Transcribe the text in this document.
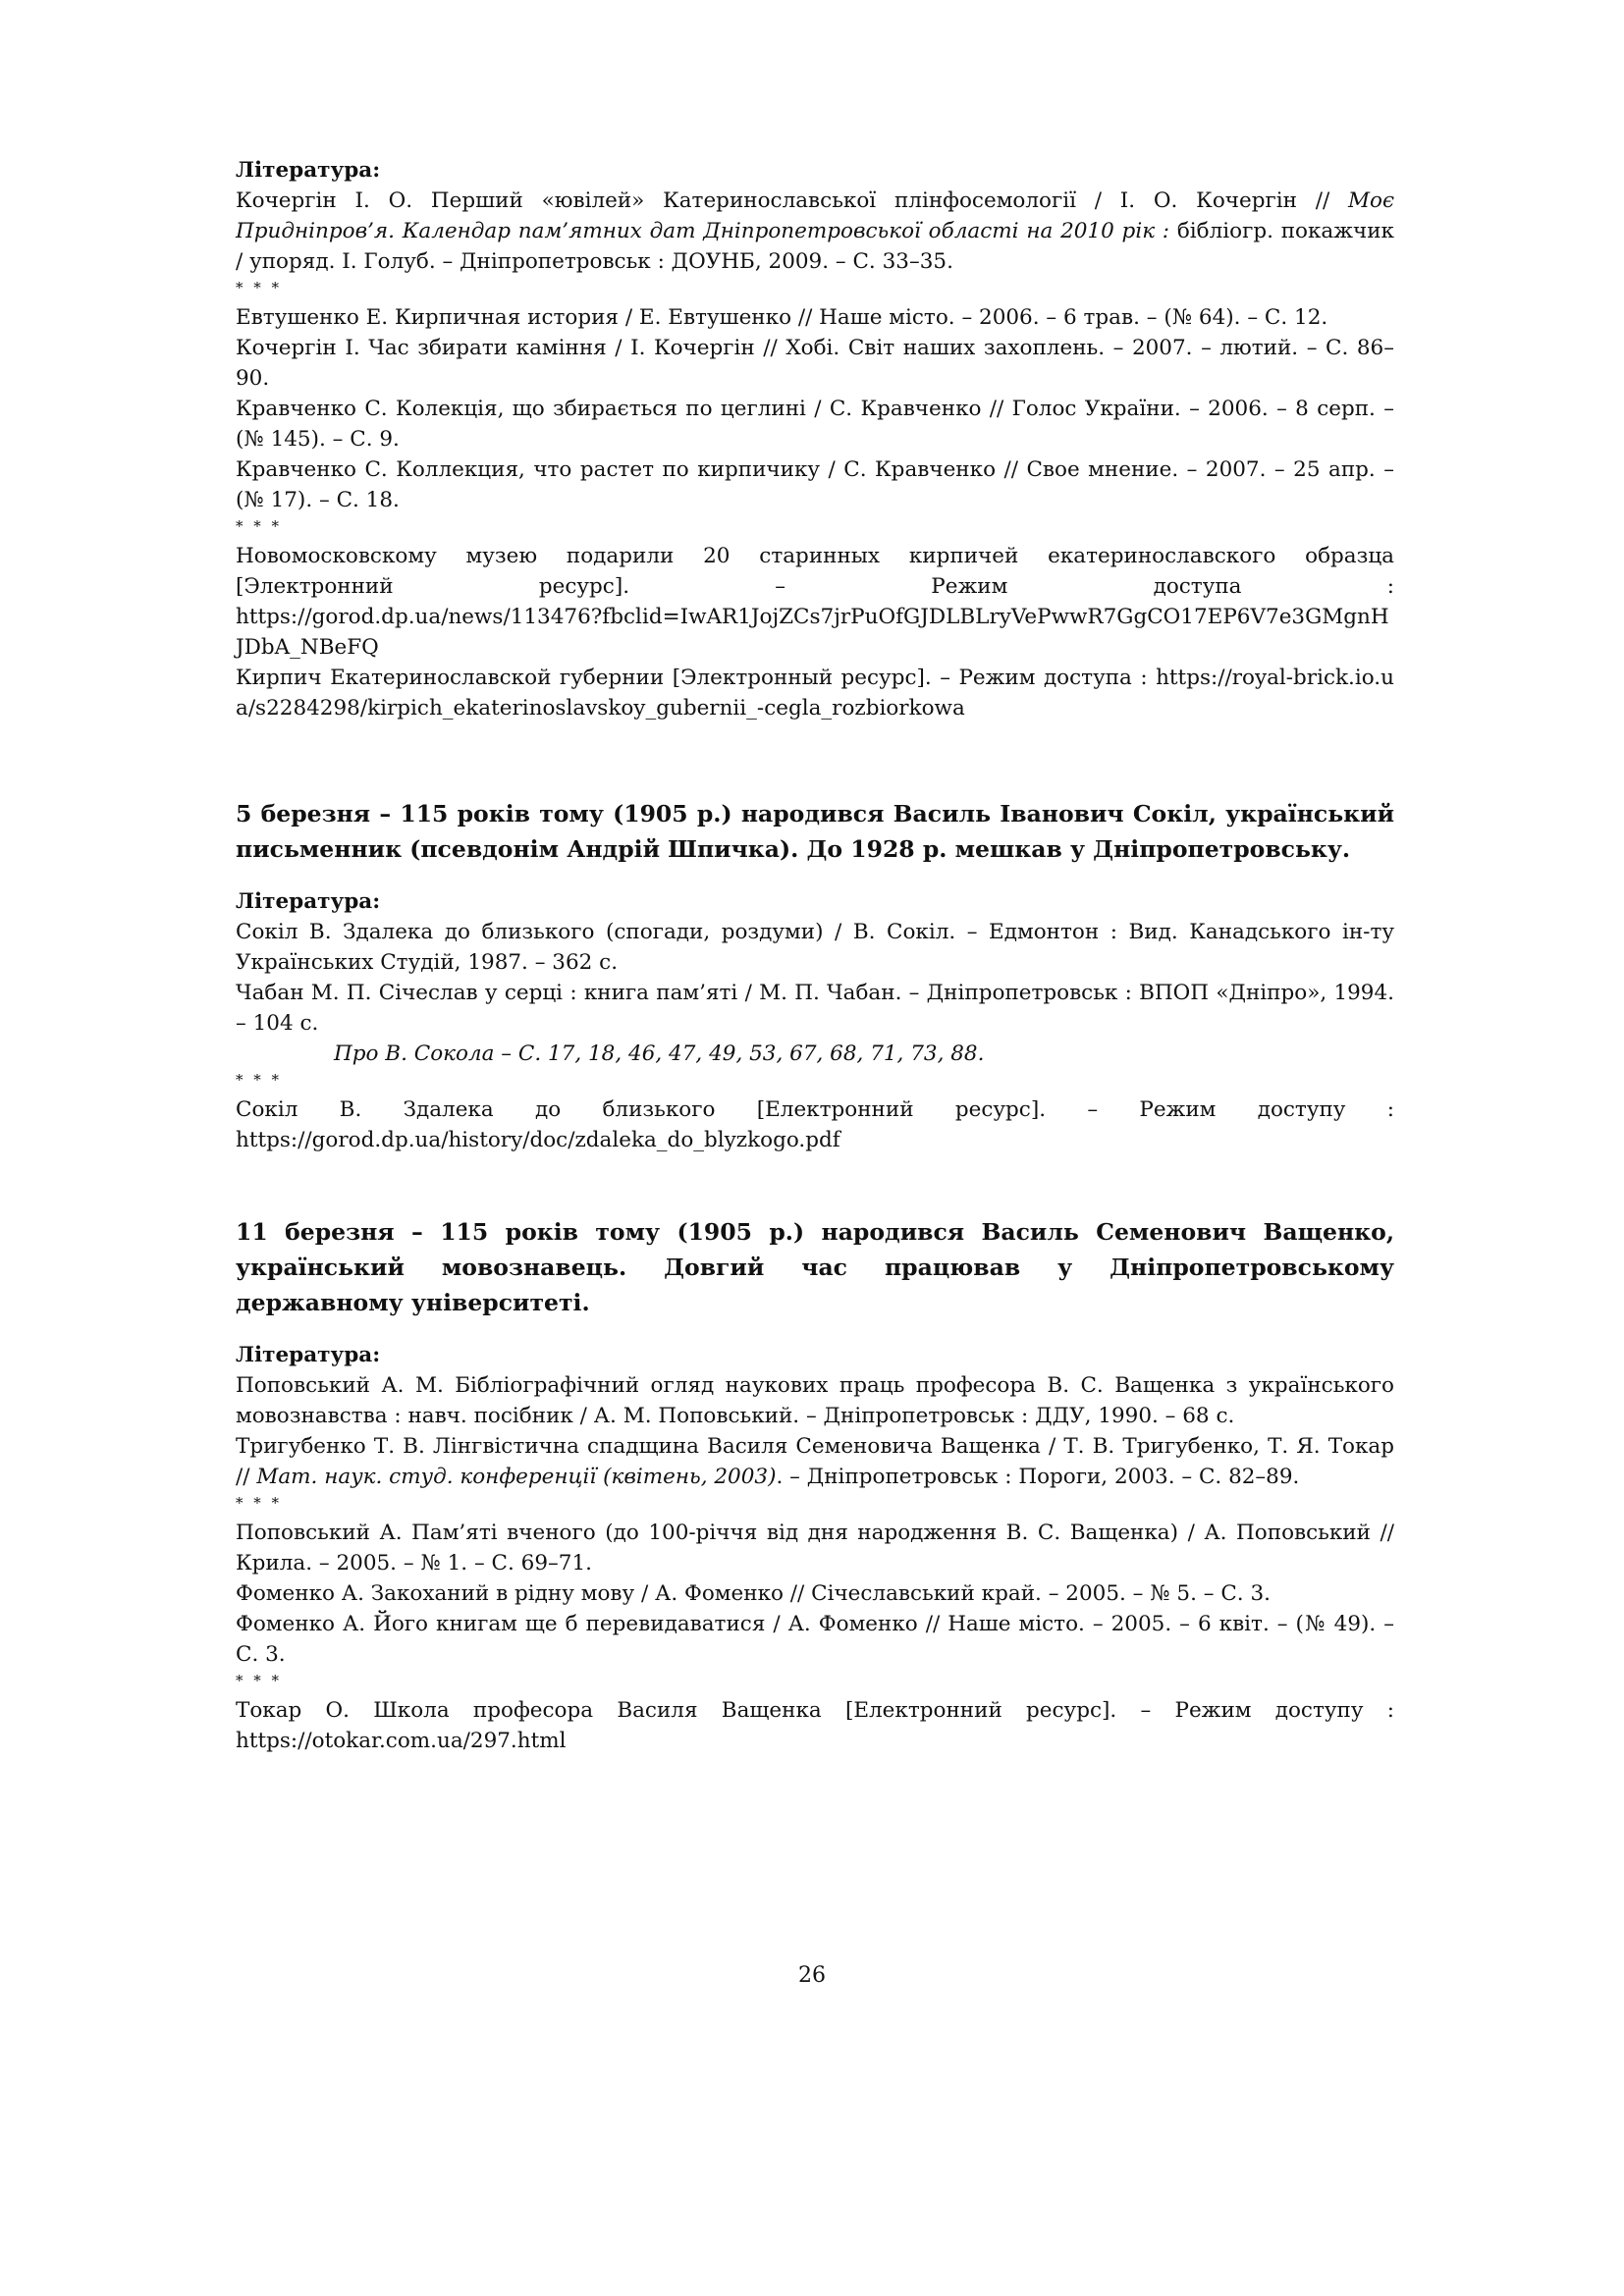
Література:

Кочергін І. О. Перший «ювілей» Катеринославської плінфосемології / І. О. Кочергін // Моє Придніпров’я. Календар пам’ятних дат Дніпропетровської області на 2010 рік : бібліогр. покажчик / упоряд. І. Голуб. – Дніпропетровськ : ДОУНБ, 2009. – С. 33–35.

* * *

Евтушенко Е. Кирпичная история / Е. Евтушенко // Наше місто. – 2006. – 6 трав. – (№ 64). – С. 12.

Кочергін І. Час збирати каміння / І. Кочергін // Хобі. Світ наших захоплень. – 2007. – лютий. – С. 86–90.

Кравченко С. Колекція, що збирається по цеглині / С. Кравченко // Голос України. – 2006. – 8 серп. – (№ 145). – С. 9.

Кравченко С. Коллекция, что растет по кирпичику / С. Кравченко // Свое мнение. – 2007. – 25 апр. – (№ 17). – С. 18.

* * *

Новомосковскому музею подарили 20 старинных кирпичей екатеринославского образца [Электронний ресурс]. – Режим доступа :

https://gorod.dp.ua/news/113476?fbclid=IwAR1JojZCs7jrPuOfGJDLBLryVePwwR7GgCO17EP6V7e3GMgnHJDbA_NBeFQ

Кирпич Екатеринославской губернии [Электронный ресурс]. – Режим доступа : https://royal-brick.io.ua/s2284298/kirpich_ekaterinoslavskoy_gubernii_-cegla_rozbiorkowa

5 березня – 115 років тому (1905 р.) народився Василь Іванович Сокіл, український письменник (псевдонім Андрій Шпичка). До 1928 р. мешкав у Дніпропетровську.

Література:

Сокіл В. Здалека до близького (спогади, роздуми) / В. Сокіл. – Едмонтон : Вид. Канадського ін-ту Українських Студій, 1987. – 362 с.

Чабан М. П. Січеслав у серці : книга пам’яті / М. П. Чабан. – Дніпропетровськ : ВПОП «Дніпро», 1994. – 104 с.

Про В. Сокола – С. 17, 18, 46, 47, 49, 53, 67, 68, 71, 73, 88.

* * *

Сокіл В. Здалека до близького [Електронний ресурс]. – Режим доступу :

https://gorod.dp.ua/history/doc/zdaleka_do_blyzkogo.pdf

11 березня – 115 років тому (1905 р.) народився Василь Семенович Ващенко, український мовознавець. Довгий час працював у Дніпропетровському державному університеті.

Література:

Поповський А. М. Бібліографічний огляд наукових праць професора В. С. Ващенка з українського мовознавства : навч. посібник / А. М. Поповський. – Дніпропетровськ : ДДУ, 1990. – 68 с.

Тригубенко Т. В. Лінгвістична спадщина Василя Семеновича Ващенка / Т. В. Тригубенко, Т. Я. Токар // Мат. наук. студ. конференції (квітень, 2003). – Дніпропетровськ : Пороги, 2003. – С. 82–89.

* * *

Поповський А. Пам’яті вченого (до 100-річчя від дня народження В. С. Ващенка) / А. Поповський // Крила. – 2005. – № 1. – С. 69–71.

Фоменко А. Закоханий в рідну мову / А. Фоменко // Січеславський край. – 2005. – № 5. – С. 3.

Фоменко А. Його книгам ще б перевидаватися / А. Фоменко // Наше місто. – 2005. – 6 квіт. – (№ 49). – С. 3.

* * *

Токар О. Школа професора Василя Ващенка [Електронний ресурс]. – Режим доступу :

https://otokar.com.ua/297.html

26
